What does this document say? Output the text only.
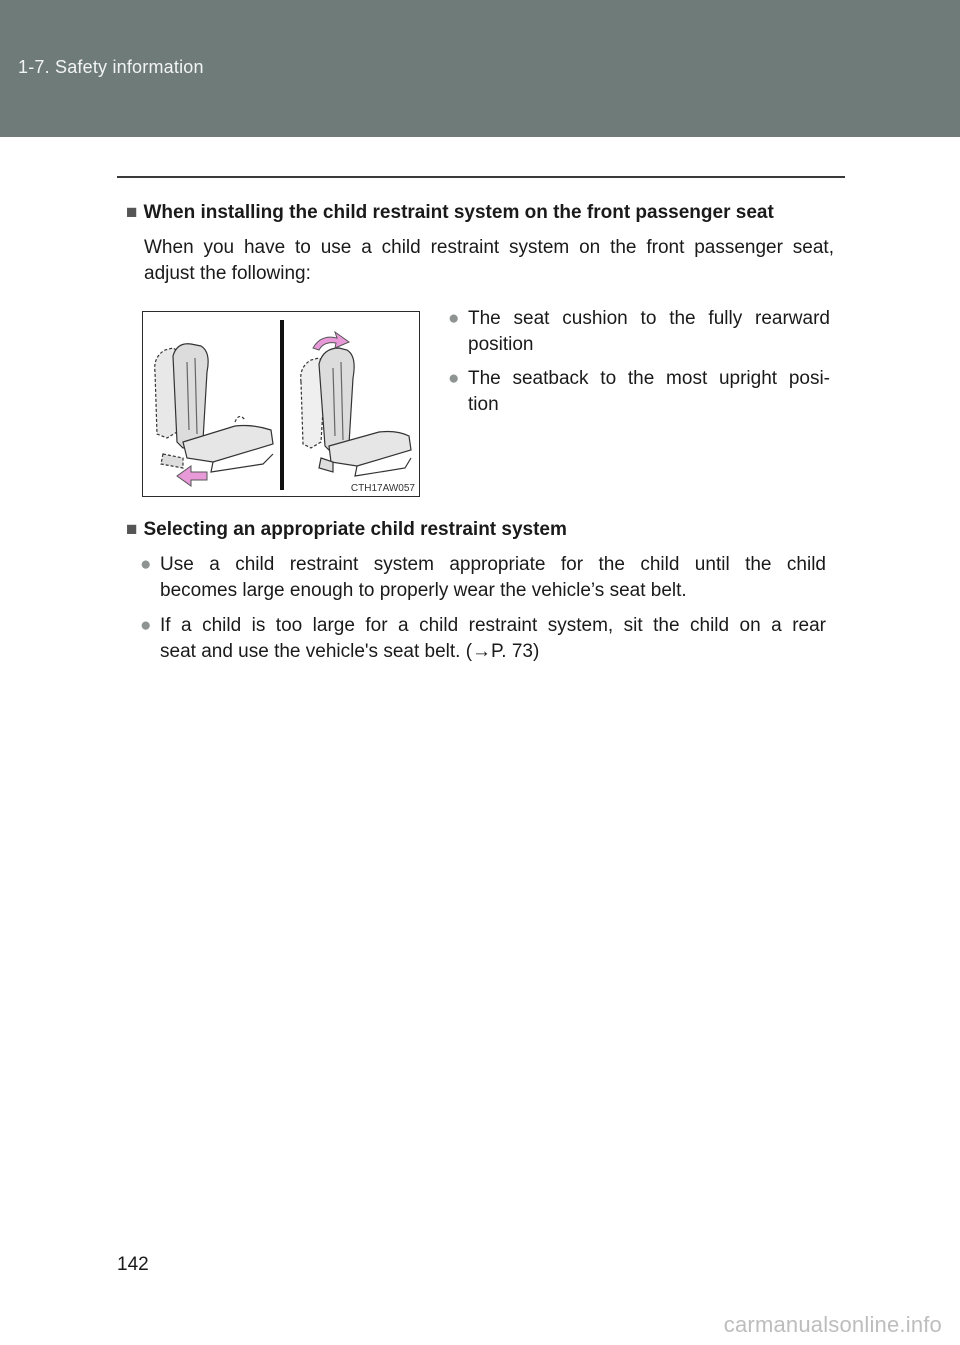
1-7. Safety information
■ When installing the child restraint system on the front passenger seat
When you have to use a child restraint system on the front passenger seat,
adjust the following:
CTH17AW057
● The seat cushion to the fully rearward
position
● The seatback to the most upright posi-
tion
■ Selecting an appropriate child restraint system
● Use a child restraint system appropriate for the child until the child
becomes large enough to properly wear the vehicle’s seat belt.
● If a child is too large for a child restraint system, sit the child on a rear
seat and use the vehicle's seat belt. (→P. 73)
142
carmanualsonline.info
